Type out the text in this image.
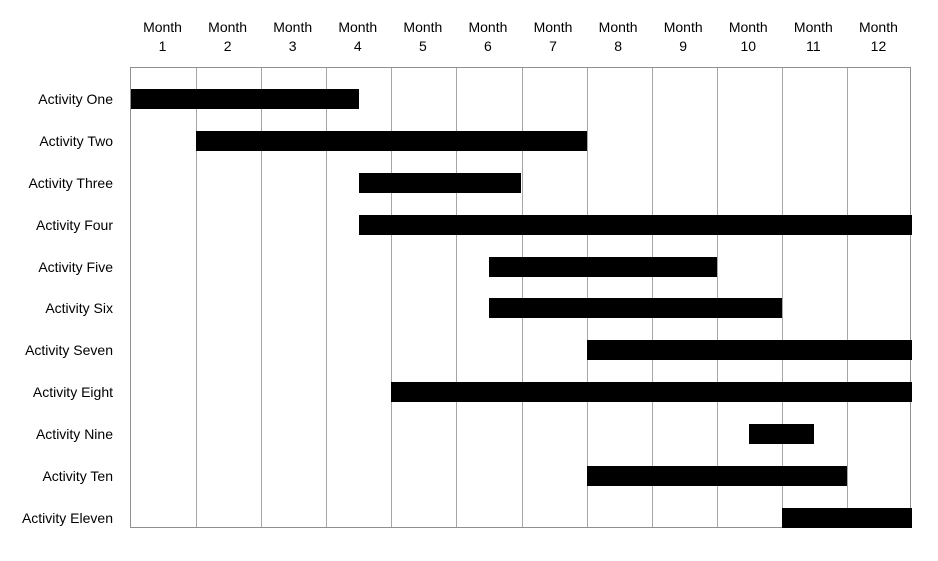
Month
1
Month
2
Month
3
Month
4
Month
5
Month
6
Month
7
Month
8
Month
9
Month
10
Month
11
Month
12
Activity One
Activity Two
Activity Three
Activity Four
Activity Five
Activity Six
Activity Seven
Activity Eight
Activity Nine
Activity Ten
Activity Eleven
